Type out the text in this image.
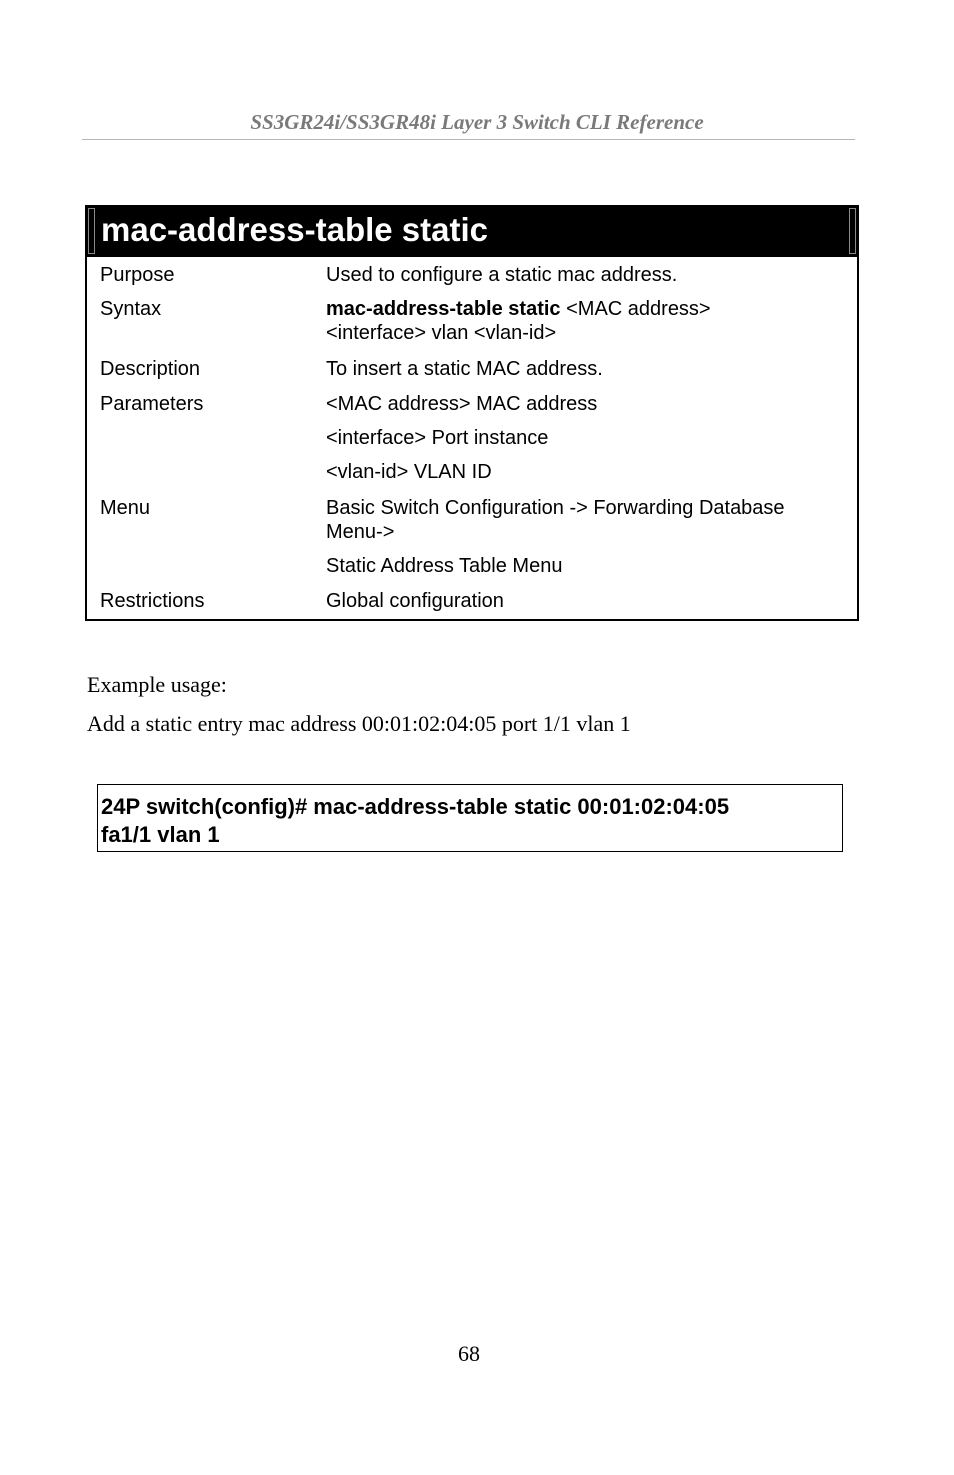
SS3GR24i/SS3GR48i Layer 3 Switch CLI Reference
mac-address-table static
Purpose	Used to configure a static mac address.
Syntax	mac-address-table static <MAC address>
<interface> vlan <vlan-id>
Description	To insert a static MAC address.
Parameters	<MAC address> MAC address
<interface> Port instance
<vlan-id> VLAN ID
Menu	Basic Switch Configuration -> Forwarding Database Menu->
Static Address Table Menu
Restrictions	Global configuration
Example usage:
Add a static entry mac address 00:01:02:04:05 port 1/1 vlan 1
24P switch(config)# mac-address-table static 00:01:02:04:05
fa1/1 vlan 1
68
